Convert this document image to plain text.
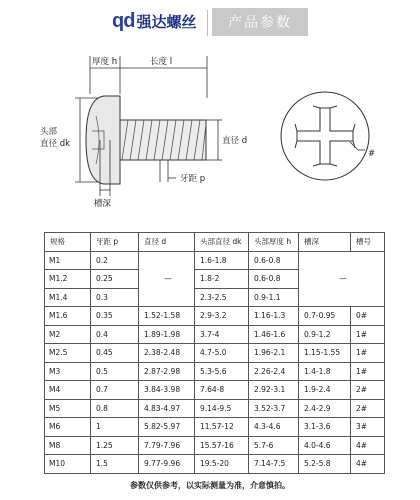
qd 强达螺丝	产品参数
厚度 h	长度 l
头部
直径 dk	直径 d
牙距 p
槽深
#
规格	牙距 p	直径 d	头部直径 dk	头部厚度 h	槽深	槽号
M1	0.2	—	1.6-1.8	0.6-0.8	—	
M1.2	0.25		1.8-2	0.6-0.8		
M1.4	0.3		2.3-2.5	0.9-1.1		
M1.6	0.35	1.52-1.58	2.9-3.2	1.16-1.3	0.7-0.95	0#
M2	0.4	1.89-1.98	3.7-4	1.46-1.6	0.9-1.2	1#
M2.5	0.45	2.38-2.48	4.7-5.0	1.96-2.1	1.15-1.55	1#
M3	0.5	2.87-2.98	5.3-5.6	2.26-2.4	1.4-1.8	1#
M4	0.7	3.84-3.98	7.64-8	2.92-3.1	1.9-2.4	2#
M5	0.8	4.83-4.97	9.14-9.5	3.52-3.7	2.4-2.9	2#
M6	1	5.82-5.97	11.57-12	4.3-4.6	3.1-3.6	3#
M8	1.25	7.79-7.96	15.57-16	5.7-6	4.0-4.6	4#
M10	1.5	9.77-9.96	19.5-20	7.14-7.5	5.2-5.8	4#
参数仅供参考，以实际测量为准，介意慎拍。
